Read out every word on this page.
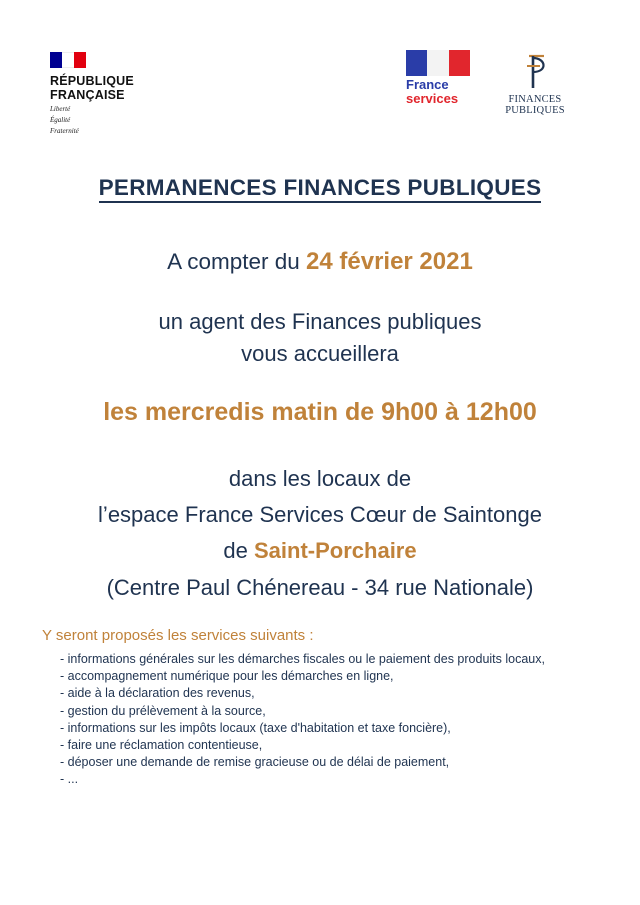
RÉPUBLIQUE
FRANÇAISE
Liberté
Égalité
Fraternité
France
services	FINANCES PUBLIQUES
PERMANENCES FINANCES PUBLIQUES
A compter du 24 février 2021
un agent des Finances publiques
vous accueillera
les mercredis matin de 9h00 à 12h00
dans les locaux de
l’espace France Services Cœur de Saintonge
de Saint-Porchaire
(Centre Paul Chénereau - 34 rue Nationale)
Y seront proposés les services suivants :
- informations générales sur les démarches fiscales ou le paiement des produits locaux,
- accompagnement numérique pour les démarches en ligne,
- aide à la déclaration des revenus,
- gestion du prélèvement à la source,
- informations sur les impôts locaux (taxe d'habitation et taxe foncière),
- faire une réclamation contentieuse,
- déposer une demande de remise gracieuse ou de délai de paiement,
- ...
